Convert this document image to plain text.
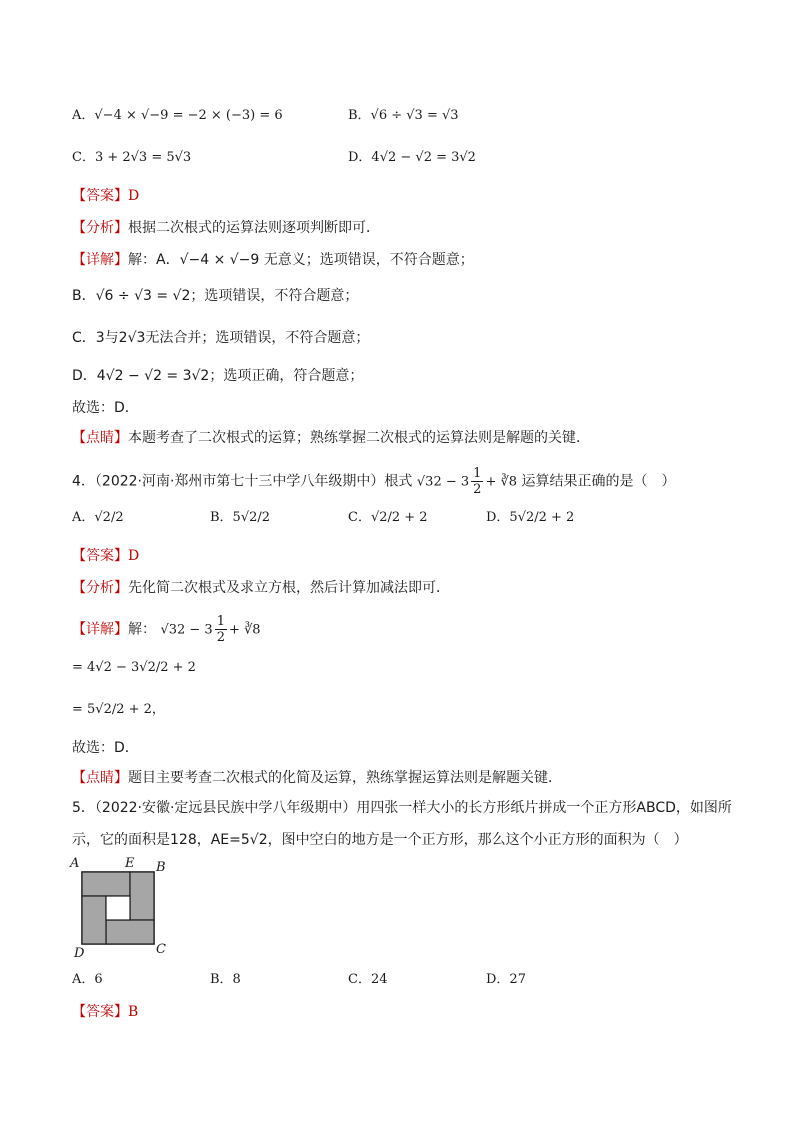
A．√−4 × √−9 = −2 × (−3) = 6	B．√6 ÷ √3 = √3
C．3 + 2√3 = 5√3	D．4√2 − √2 = 3√2
【答案】D
【分析】根据二次根式的运算法则逐项判断即可．
【详解】解：A．√−4 × √−9 无意义；选项错误，不符合题意；
B．√6 ÷ √3 = √2；选项错误，不符合题意；
C．3与2√3无法合并；选项错误，不符合题意；
D．4√2 − √2 = 3√2；选项正确，符合题意；
故选：D．
【点睛】本题考查了二次根式的运算；熟练掌握二次根式的运算法则是解题的关键．
4．（2022·河南·郑州市第七十三中学八年级期中）根式 $√32 - 3 \frac{1}{2}$ + ∛8 运算结果正确的是（　）
A．√2/2	B．5√2/2	C．√2/2 + 2	D．5√2/2 + 2
【答案】D
【分析】先化简二次根式及求立方根，然后计算加减法即可．
【详解】解： $√32 - 3 \frac{1}{2}$ + ∛8
= 4√2 − 3√2/2 + 2
= 5√2/2 + 2，
故选：D．
【点睛】题目主要考查二次根式的化简及运算，熟练掌握运算法则是解题关键．
5．（2022·安徽·定远县民族中学八年级期中）用四张一样大小的长方形纸片拼成一个正方形ABCD，如图所
示，它的面积是128，AE=5√2，图中空白的地方是一个正方形，那么这个小正方形的面积为（　）
A	E B
D	C
A．6	B．8	C．24	D．27
【答案】B
